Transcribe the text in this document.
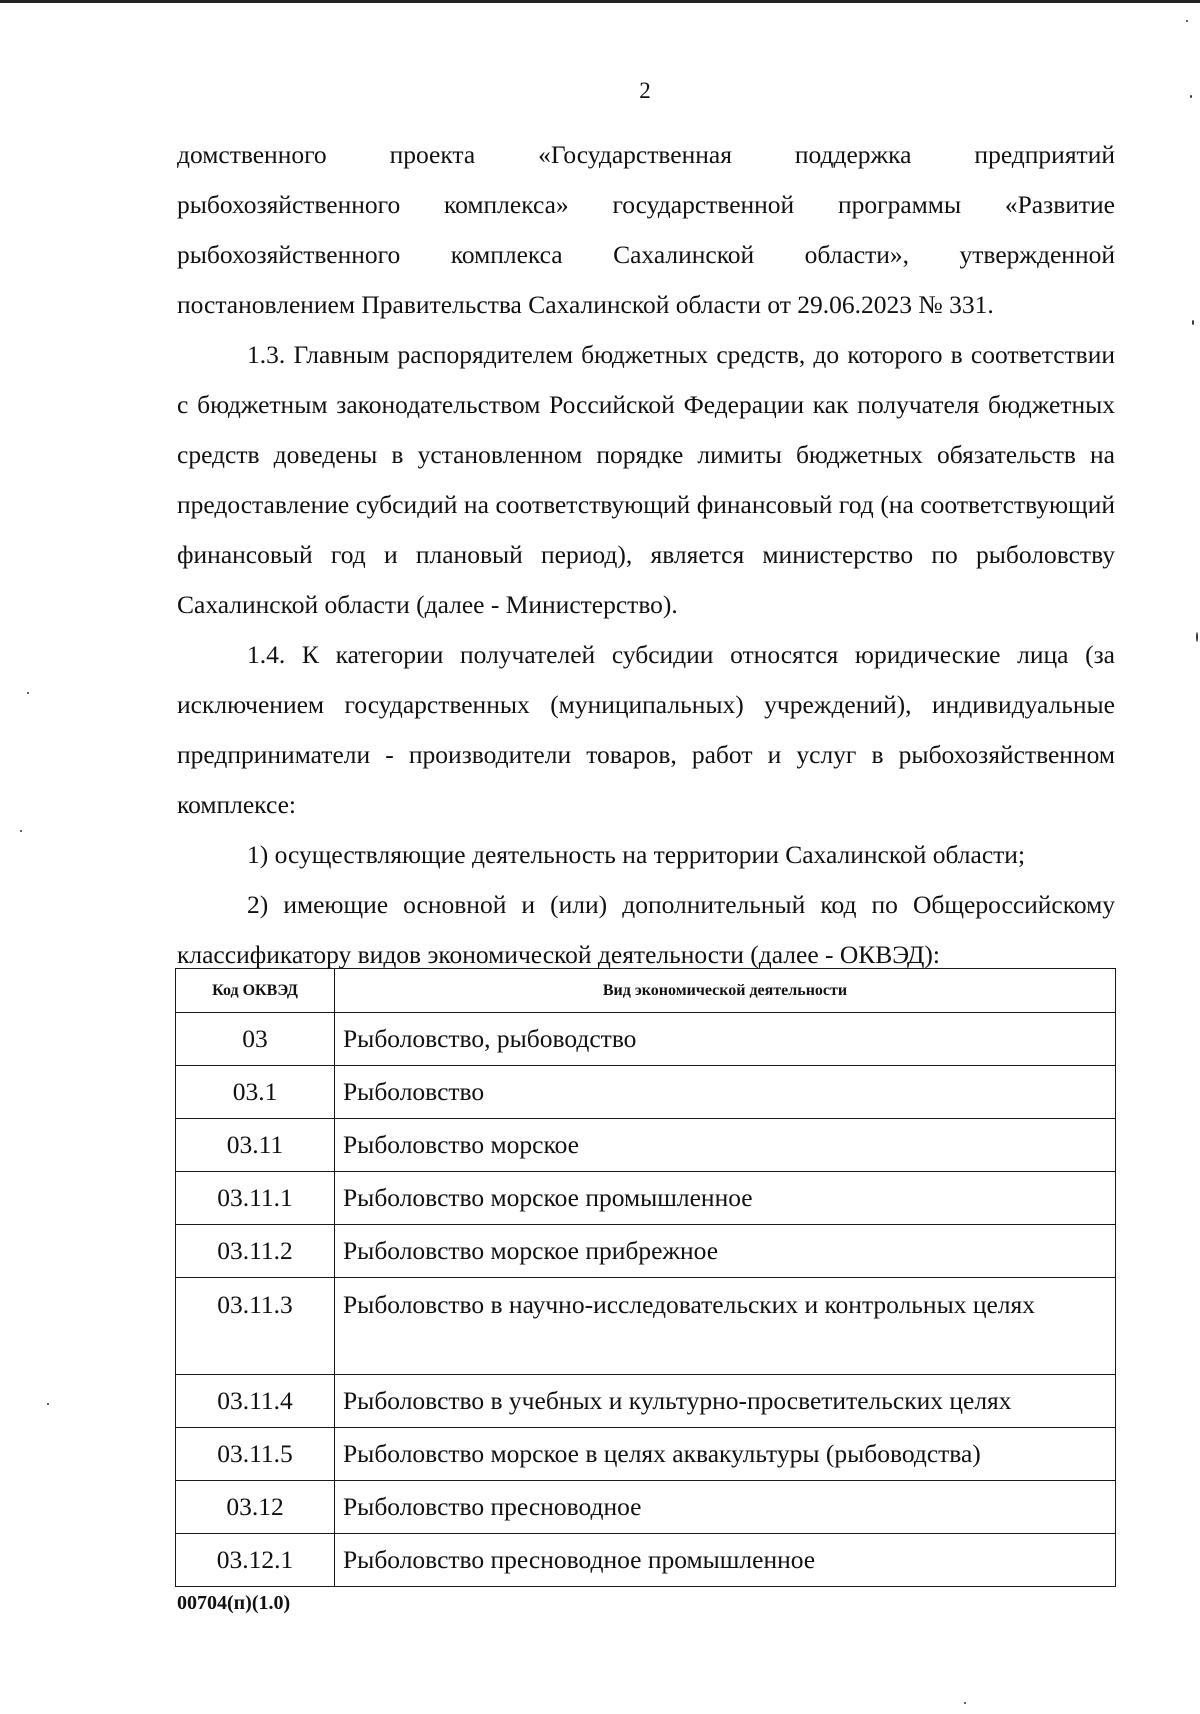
2

домственного проекта «Государственная поддержка предприятий рыбохозяйственного комплекса» государственной программы «Развитие рыбохозяйственного комплекса Сахалинской области», утвержденной постановлением Правительства Сахалинской области от 29.06.2023 № 331.

1.3. Главным распорядителем бюджетных средств, до которого в соответствии с бюджетным законодательством Российской Федерации как получателя бюджетных средств доведены в установленном порядке лимиты бюджетных обязательств на предоставление субсидий на соответствующий финансовый год (на соответствующий финансовый год и плановый период), является министерство по рыболовству Сахалинской области (далее - Министерство).

1.4. К категории получателей субсидии относятся юридические лица (за исключением государственных (муниципальных) учреждений), индивидуальные предприниматели - производители товаров, работ и услуг в рыбохозяйственном комплексе:

1) осуществляющие деятельность на территории Сахалинской области;

2) имеющие основной и (или) дополнительный код по Общероссийскому классификатору видов экономической деятельности (далее - ОКВЭД):

Код ОКВЭД	Вид экономической деятельности
03	Рыболовство, рыбоводство
03.1	Рыболовство
03.11	Рыболовство морское
03.11.1	Рыболовство морское промышленное
03.11.2	Рыболовство морское прибрежное
03.11.3	Рыболовство в научно-исследовательских и контрольных целях
03.11.4	Рыболовство в учебных и культурно-просветительских целях
03.11.5	Рыболовство морское в целях аквакультуры (рыбоводства)
03.12	Рыболовство пресноводное
03.12.1	Рыболовство пресноводное промышленное
00704(п)(1.0)
